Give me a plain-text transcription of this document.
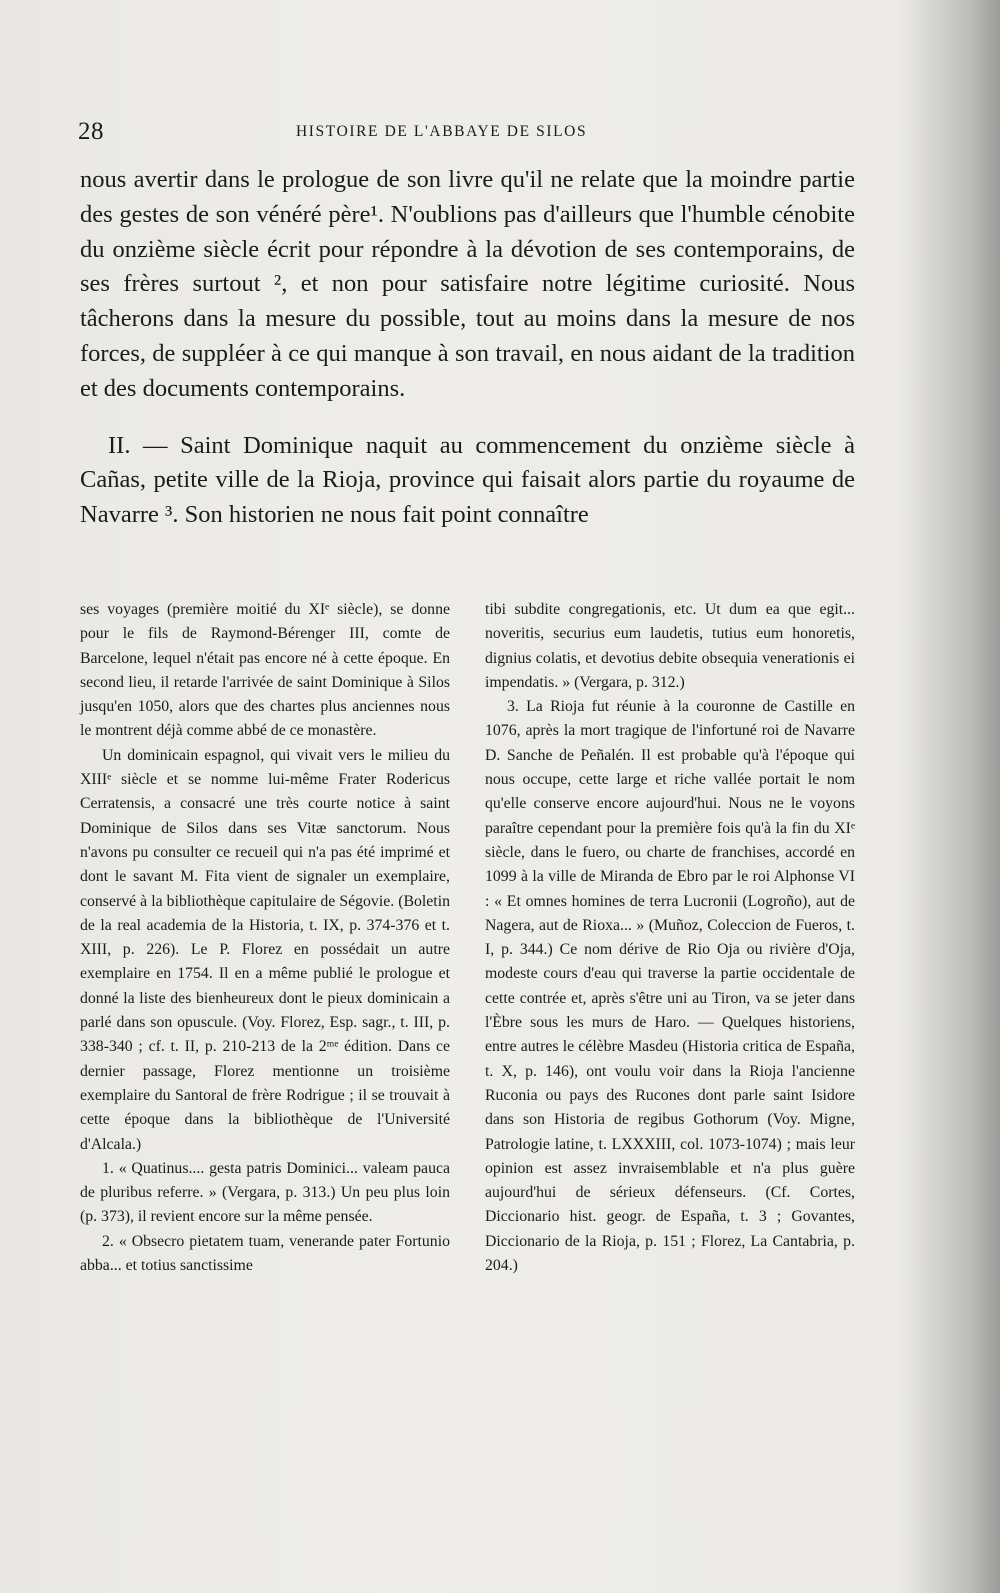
28	HISTOIRE DE L'ABBAYE DE SILOS

nous avertir dans le prologue de son livre qu'il ne relate que la moindre partie des gestes de son vénéré père¹. N'oublions pas d'ailleurs que l'humble cénobite du onzième siècle écrit pour répondre à la dévotion de ses contemporains, de ses frères surtout ², et non pour satisfaire notre légitime curiosité. Nous tâcherons dans la mesure du possible, tout au moins dans la mesure de nos forces, de suppléer à ce qui manque à son travail, en nous aidant de la tradition et des documents contemporains.

II. — Saint Dominique naquit au commencement du onzième siècle à Cañas, petite ville de la Rioja, province qui faisait alors partie du royaume de Navarre ³. Son historien ne nous fait point connaître

ses voyages (première moitié du XIᵉ siècle), se donne pour le fils de Raymond-Bérenger III, comte de Barcelone, lequel n'était pas encore né à cette époque. En second lieu, il retarde l'arrivée de saint Dominique à Silos jusqu'en 1050, alors que des chartes plus anciennes nous le montrent déjà comme abbé de ce monastère.

Un dominicain espagnol, qui vivait vers le milieu du XIIIᵉ siècle et se nomme lui-même Frater Rodericus Cerratensis, a consacré une très courte notice à saint Dominique de Silos dans ses Vitæ sanctorum. Nous n'avons pu consulter ce recueil qui n'a pas été imprimé et dont le savant M. Fita vient de signaler un exemplaire, conservé à la bibliothèque capitulaire de Ségovie. (Boletin de la real academia de la Historia, t. IX, p. 374-376 et t. XIII, p. 226). Le P. Florez en possédait un autre exemplaire en 1754. Il en a même publié le prologue et donné la liste des bienheureux dont le pieux dominicain a parlé dans son opuscule. (Voy. Florez, Esp. sagr., t. III, p. 338-340 ; cf. t. II, p. 210-213 de la 2ᵐᵉ édition. Dans ce dernier passage, Florez mentionne un troisième exemplaire du Santoral de frère Rodrigue ; il se trouvait à cette époque dans la bibliothèque de l'Université d'Alcala.)

1. « Quatinus.... gesta patris Dominici... valeam pauca de pluribus referre. » (Vergara, p. 313.) Un peu plus loin (p. 373), il revient encore sur la même pensée.

2. « Obsecro pietatem tuam, venerande pater Fortunio abba... et totius sanctissime

tibi subdite congregationis, etc. Ut dum ea que egit... noveritis, securius eum laudetis, tutius eum honoretis, dignius colatis, et devotius debite obsequia venerationis ei impendatis. » (Vergara, p. 312.)

3. La Rioja fut réunie à la couronne de Castille en 1076, après la mort tragique de l'infortuné roi de Navarre D. Sanche de Peñalén. Il est probable qu'à l'époque qui nous occupe, cette large et riche vallée portait le nom qu'elle conserve encore aujourd'hui. Nous ne le voyons paraître cependant pour la première fois qu'à la fin du XIᵉ siècle, dans le fuero, ou charte de franchises, accordé en 1099 à la ville de Miranda de Ebro par le roi Alphonse VI : « Et omnes homines de terra Lucronii (Logroño), aut de Nagera, aut de Rioxa... » (Muñoz, Coleccion de Fueros, t. I, p. 344.) Ce nom dérive de Rio Oja ou rivière d'Oja, modeste cours d'eau qui traverse la partie occidentale de cette contrée et, après s'être uni au Tiron, va se jeter dans l'Èbre sous les murs de Haro. — Quelques historiens, entre autres le célèbre Masdeu (Historia critica de España, t. X, p. 146), ont voulu voir dans la Rioja l'ancienne Ruconia ou pays des Rucones dont parle saint Isidore dans son Historia de regibus Gothorum (Voy. Migne, Patrologie latine, t. LXXXIII, col. 1073-1074) ; mais leur opinion est assez invraisemblable et n'a plus guère aujourd'hui de sérieux défenseurs. (Cf. Cortes, Diccionario hist. geogr. de España, t. 3 ; Govantes, Diccionario de la Rioja, p. 151 ; Florez, La Cantabria, p. 204.)
